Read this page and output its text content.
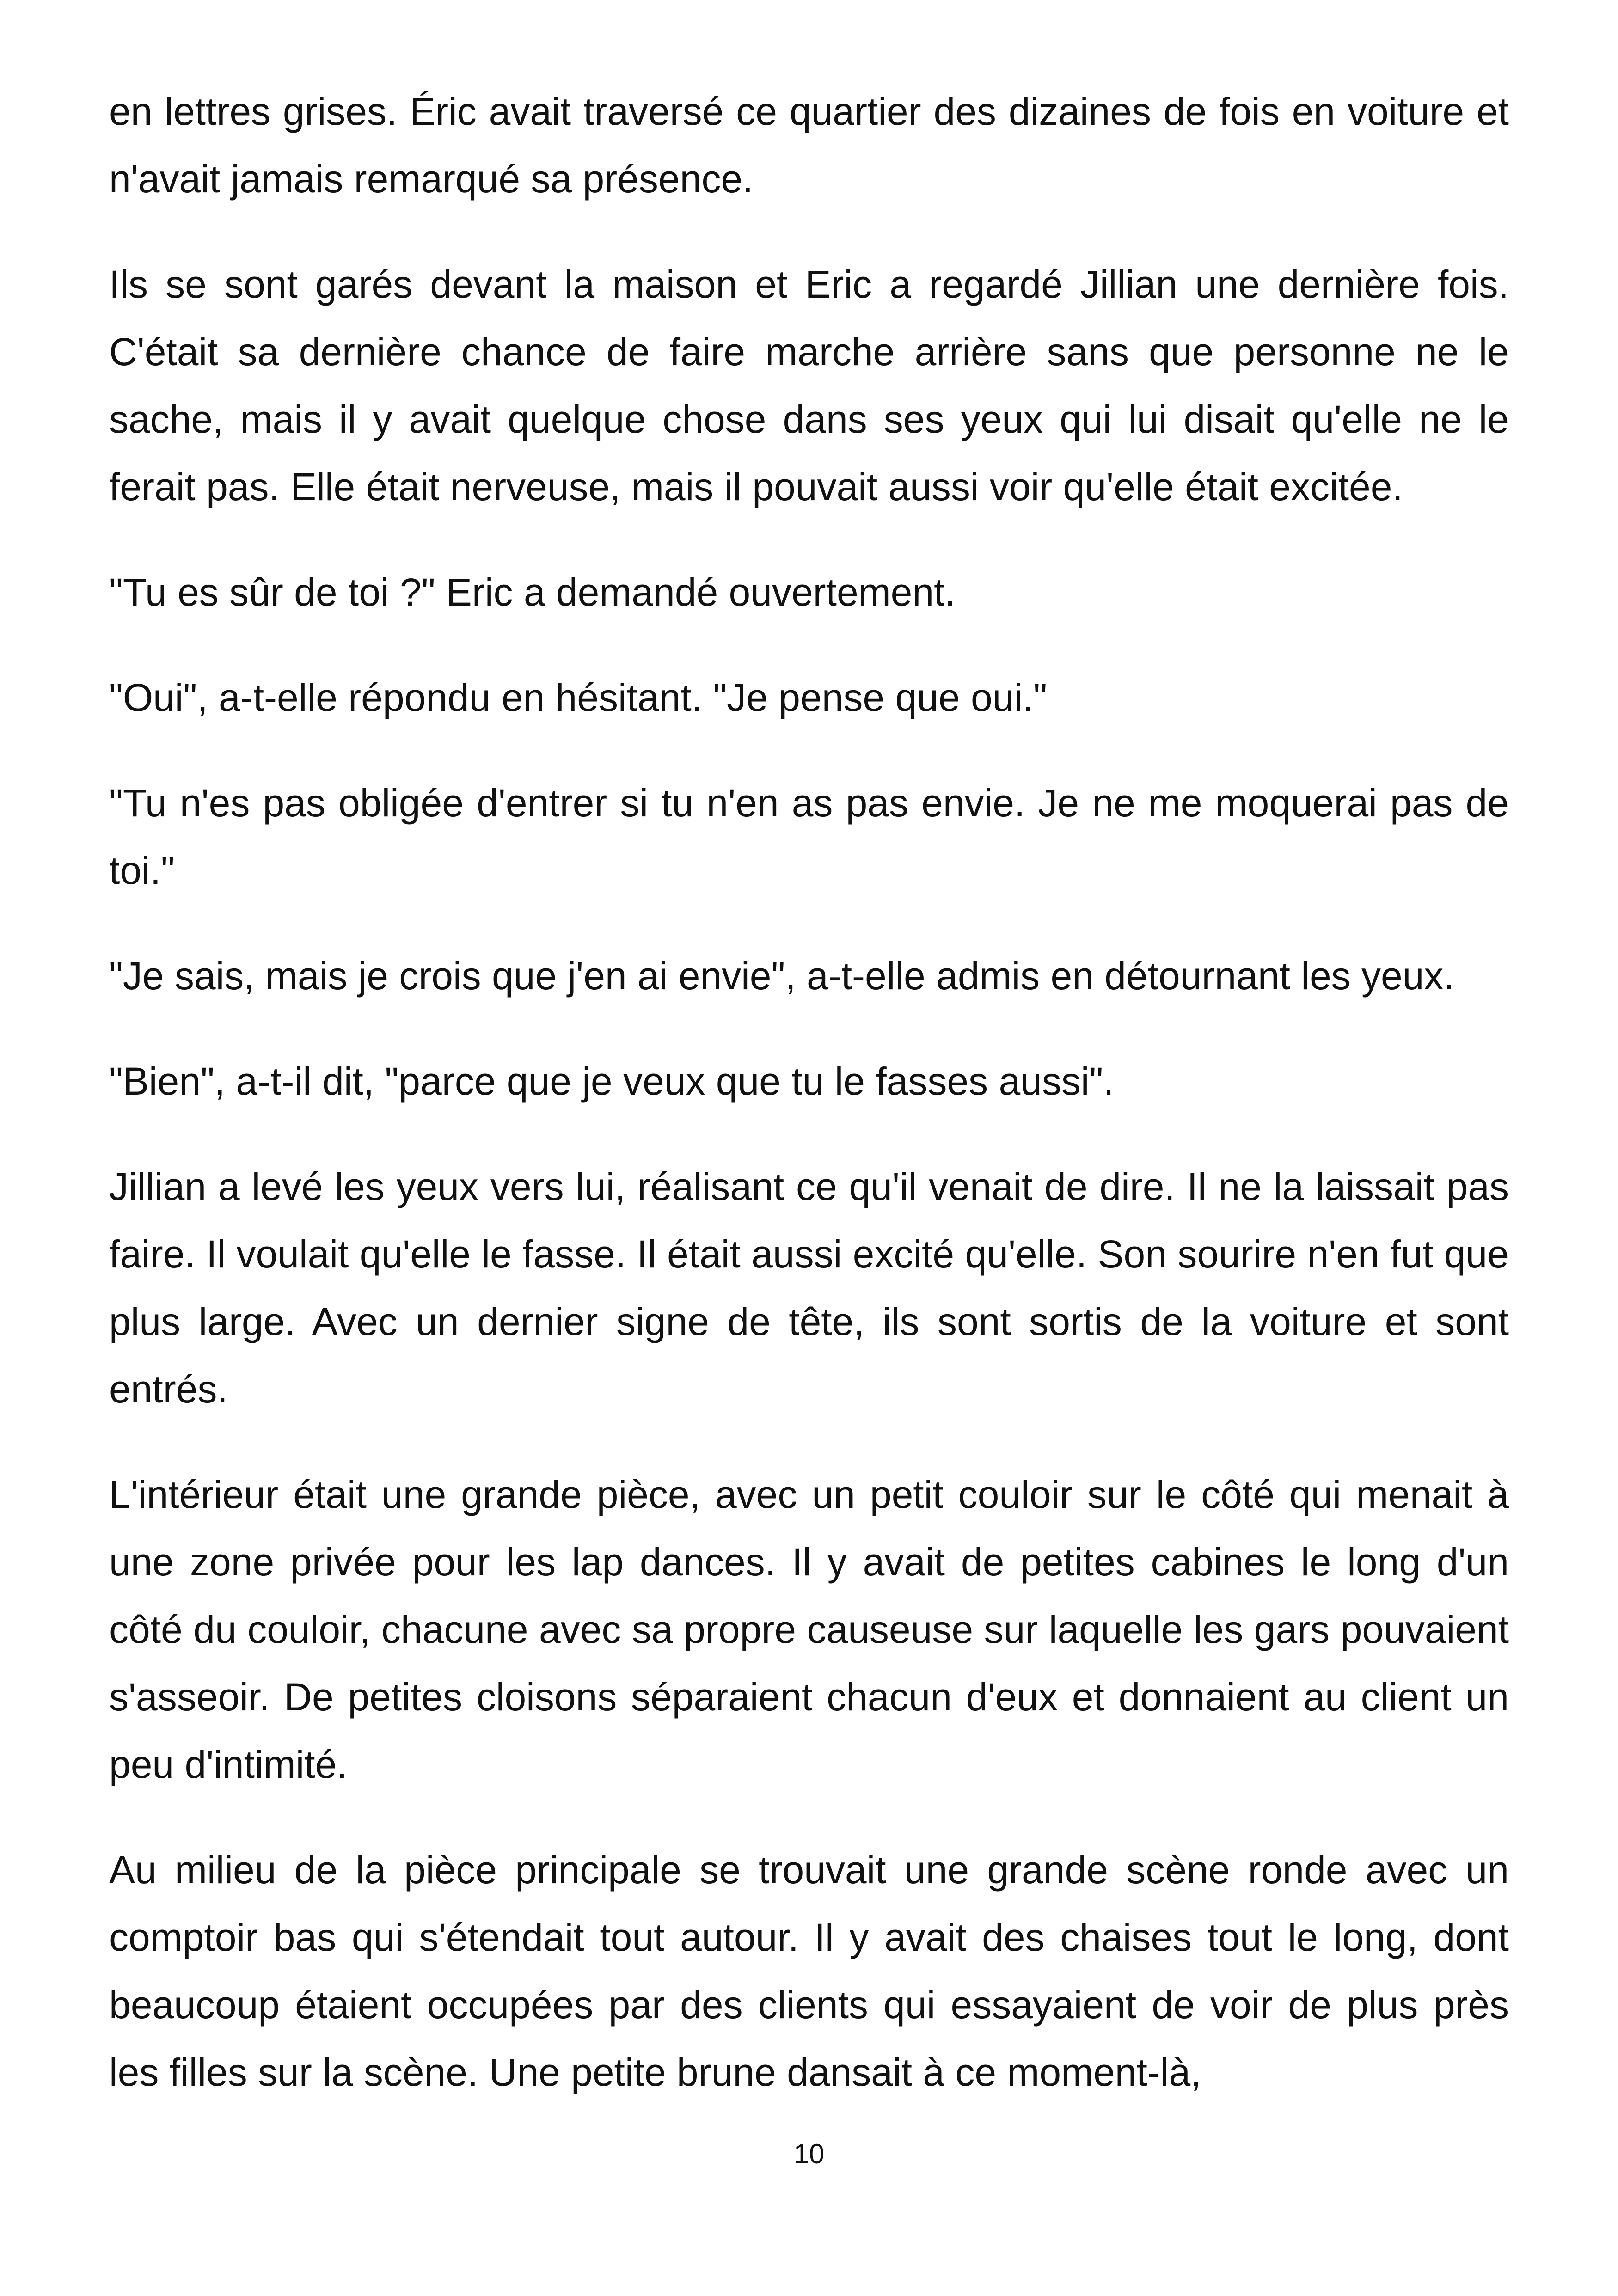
en lettres grises. Éric avait traversé ce quartier des dizaines de fois en voiture et n'avait jamais remarqué sa présence.

Ils se sont garés devant la maison et Eric a regardé Jillian une dernière fois. C'était sa dernière chance de faire marche arrière sans que personne ne le sache, mais il y avait quelque chose dans ses yeux qui lui disait qu'elle ne le ferait pas. Elle était nerveuse, mais il pouvait aussi voir qu'elle était excitée.

"Tu es sûr de toi ?" Eric a demandé ouvertement.

"Oui", a-t-elle répondu en hésitant. "Je pense que oui."

"Tu n'es pas obligée d'entrer si tu n'en as pas envie. Je ne me moquerai pas de toi."

"Je sais, mais je crois que j'en ai envie", a-t-elle admis en détournant les yeux.

"Bien", a-t-il dit, "parce que je veux que tu le fasses aussi".

Jillian a levé les yeux vers lui, réalisant ce qu'il venait de dire. Il ne la laissait pas faire. Il voulait qu'elle le fasse. Il était aussi excité qu'elle. Son sourire n'en fut que plus large. Avec un dernier signe de tête, ils sont sortis de la voiture et sont entrés.

L'intérieur était une grande pièce, avec un petit couloir sur le côté qui menait à une zone privée pour les lap dances. Il y avait de petites cabines le long d'un côté du couloir, chacune avec sa propre causeuse sur laquelle les gars pouvaient s'asseoir. De petites cloisons séparaient chacun d'eux et donnaient au client un peu d'intimité.

Au milieu de la pièce principale se trouvait une grande scène ronde avec un comptoir bas qui s'étendait tout autour. Il y avait des chaises tout le long, dont beaucoup étaient occupées par des clients qui essayaient de voir de plus près les filles sur la scène. Une petite brune dansait à ce moment-là,

10
